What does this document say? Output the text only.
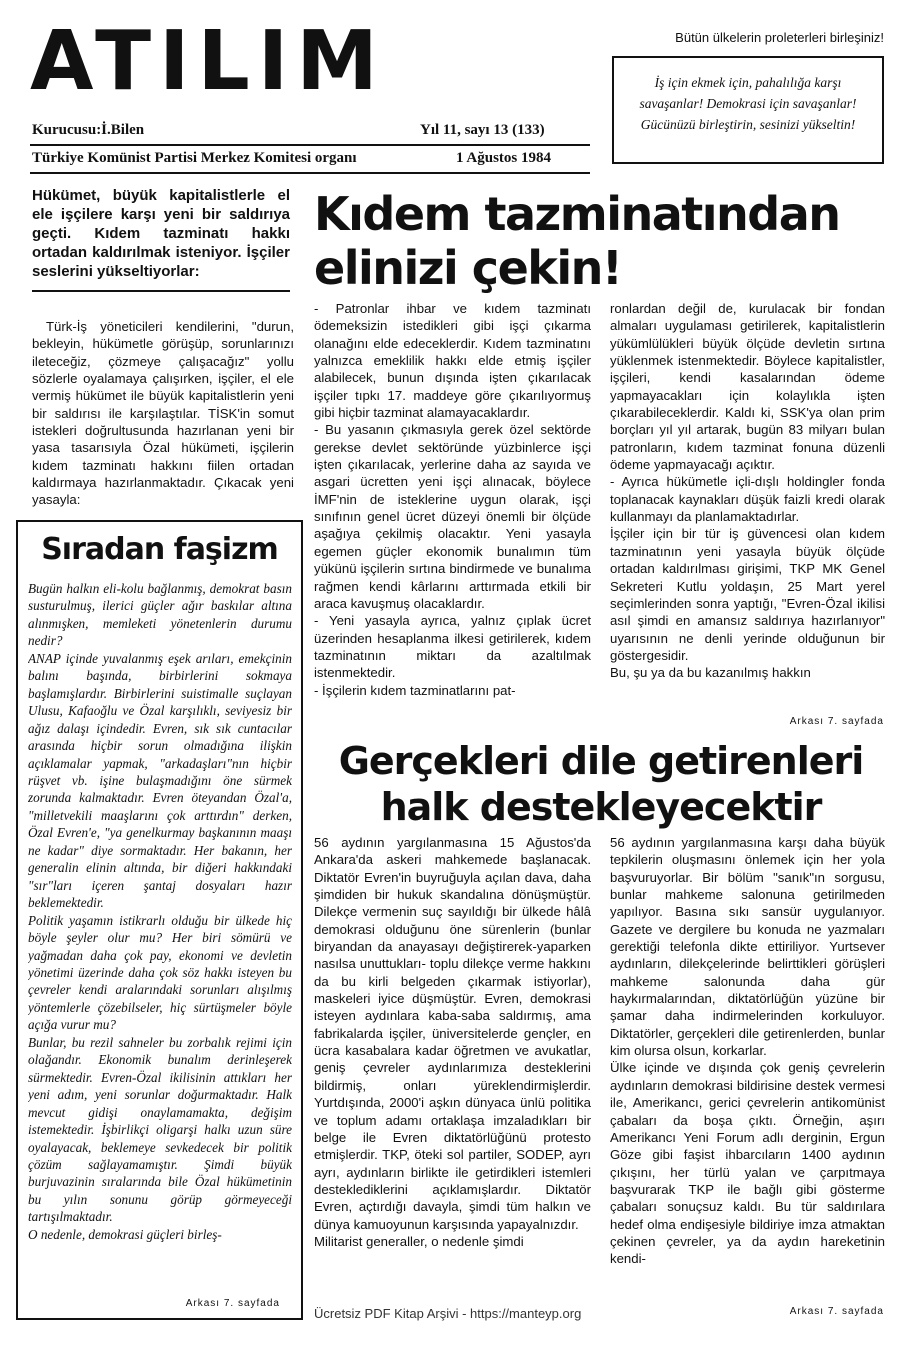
ATILIM	Bütün ülkelerin proleterleri birleşiniz!
İş için ekmek için, pahalılığa karşı savaşanlar! Demokrasi için savaşanlar! Gücünüzü birleştirin, sesinizi yükseltin!
Kurucusu:İ.Bilen	Yıl 11, sayı 13 (133)
Türkiye Komünist Partisi Merkez Komitesi organı	1 Ağustos 1984
Hükümet, büyük kapitalistlerle el ele işçilere karşı yeni bir saldırıya geçti. Kıdem tazminatı hakkı ortadan kaldırılmak isteniyor. İşçiler seslerini yükseltiyorlar:
Kıdem tazminatından
elinizi çekin!
Türk-İş yöneticileri kendilerini, "durun, bekleyin, hükümetle görüşüp, sorunlarınızı ileteceğiz, çözmeye çalışacağız" yollu sözlerle oyalamaya çalışırken, işçiler, el ele vermiş hükümet ile büyük kapitalistlerin yeni bir saldırısı ile karşılaştılar. TİSK'in somut istekleri doğrultusunda hazırlanan yeni bir yasa tasarısıyla Özal hükümeti, işçilerin kıdem tazminatı hakkını fiilen ortadan kaldırmaya hazırlanmaktadır. Çıkacak yeni yasayla:
- Patronlar ihbar ve kıdem tazminatı ödemeksizin istedikleri gibi işçi çıkarma olanağını elde edeceklerdir. Kıdem tazminatını yalnızca emeklilik hakkı elde etmiş işçiler alabilecek, bunun dışında işten çıkarılacak işçiler tıpkı 17. maddeye göre çıkarılıyormuş gibi hiçbir tazminat alamayacaklardır.
- Bu yasanın çıkmasıyla gerek özel sektörde gerekse devlet sektöründe yüzbinlerce işçi işten çıkarılacak, yerlerine daha az sayıda ve asgari ücretten yeni işçi alınacak, böylece İMF'nin de isteklerine uygun olarak, işçi sınıfının genel ücret düzeyi önemli bir ölçüde aşağıya çekilmiş olacaktır. Yeni yasayla egemen güçler ekonomik bunalımın tüm yükünü işçilerin sırtına bindirmede ve bunalıma rağmen kendi kârlarını arttırmada etkili bir araca kavuşmuş olacaklardır.
- Yeni yasayla ayrıca, yalnız çıplak ücret üzerinden hesaplanma ilkesi getirilerek, kıdem tazminatının miktarı da azaltılmak istenmektedir.
- İşçilerin kıdem tazminatlarını pat-
ronlardan değil de, kurulacak bir fondan almaları uygulaması getirilerek, kapitalistlerin yükümlülükleri büyük ölçüde devletin sırtına yüklenmek istenmektedir. Böylece kapitalistler, işçileri, kendi kasalarından ödeme yapmayacakları için kolaylıkla işten çıkarabileceklerdir. Kaldı ki, SSK'ya olan prim borçları yıl yıl artarak, bugün 83 milyarı bulan patronların, kıdem tazminat fonuna düzenli ödeme yapmayacağı açıktır.
- Ayrıca hükümetle içli-dışlı holdingler fonda toplanacak kaynakları düşük faizli kredi olarak kullanmayı da planlamaktadırlar.
İşçiler için bir tür iş güvencesi olan kıdem tazminatının yeni yasayla büyük ölçüde ortadan kaldırılması girişimi, TKP MK Genel Sekreteri Kutlu yoldaşın, 25 Mart yerel seçimlerinden sonra yaptığı, "Evren-Özal ikilisi asıl şimdi en amansız saldırıya hazırlanıyor" uyarısının ne denli yerinde olduğunun bir göstergesidir.
Bu, şu ya da bu kazanılmış hakkın
Arkası 7. sayfada
Sıradan faşizm
Bugün halkın eli-kolu bağlanmış, demokrat basın susturulmuş, ilerici güçler ağır baskılar altına alınmışken, memleketi yönetenlerin durumu nedir?
ANAP içinde yuvalanmış eşek arıları, emekçinin balını başında, birbirlerini sokmaya başlamışlardır. Birbirlerini suistimalle suçlayan Ulusu, Kafaoğlu ve Özal karşılıklı, seviyesiz bir ağız dalaşı içindedir. Evren, sık sık cuntacılar arasında hiçbir sorun olmadığına ilişkin açıklamalar yapmak, "arkadaşları"nın hiçbir rüşvet vb. işine bulaşmadığını öne sürmek zorunda kalmaktadır. Evren öteyandan Özal'a, "milletvekili maaşlarını çok arttırdın" derken, Özal Evren'e, "ya genelkurmay başkanının maaşı ne kadar" diye sormaktadır. Her bakanın, her generalin elinin altında, bir diğeri hakkındaki "sır"ları içeren şantaj dosyaları hazır beklemektedir.
Politik yaşamın istikrarlı olduğu bir ülkede hiç böyle şeyler olur mu? Her biri sömürü ve yağmadan daha çok pay, ekonomi ve devletin yönetimi üzerinde daha çok söz hakkı isteyen bu çevreler kendi aralarındaki sorunları alışılmış yöntemlerle çözebilseler, hiç sürtüşmeler böyle açığa vurur mu?
Bunlar, bu rezil sahneler bu zorbalık rejimi için olağandır. Ekonomik bunalım derinleşerek sürmektedir. Evren-Özal ikilisinin attıkları her yeni adım, yeni sorunlar doğurmaktadır. Halk mevcut gidişi onaylamamakta, değişim istemektedir. İşbirlikçi oligarşi halkı uzun süre oyalayacak, beklemeye sevkedecek bir politik çözüm sağlayamamıştır. Şimdi büyük burjuvazinin sıralarında bile Özal hükümetinin bu yılın sonunu görüp görmeyeceği tartışılmaktadır.
O nedenle, demokrasi güçleri birleş-
Arkası 7. sayfada
Gerçekleri dile getirenleri
halk destekleyecektir
56 aydının yargılanmasına 15 Ağustos'da Ankara'da askeri mahkemede başlanacak. Diktatör Evren'in buyruğuyla açılan dava, daha şimdiden bir hukuk skandalına dönüşmüştür. Dilekçe vermenin suç sayıldığı bir ülkede hâlâ demokrasi olduğunu öne sürenlerin (bunlar biryandan da anayasayı değiştirerek-yaparken nasılsa unuttukları- toplu dilekçe verme hakkını da bu kirli belgeden çıkarmak istiyorlar), maskeleri iyice düşmüştür. Evren, demokrasi isteyen aydınlara kaba-saba saldırmış, ama fabrikalarda işçiler, üniversitelerde gençler, en ücra kasabalara kadar öğretmen ve avukatlar, geniş çevreler aydınlarımıza desteklerini bildirmiş, onları yüreklendirmişlerdir. Yurtdışında, 2000'i aşkın dünyaca ünlü politika ve toplum adamı ortaklaşa imzaladıkları bir belge ile Evren diktatörlüğünü protesto etmişlerdir. TKP, öteki sol partiler, SODEP, ayrı ayrı, aydınların birlikte ile getirdikleri istemleri desteklediklerini açıklamışlardır. Diktatör Evren, açtırdığı davayla, şimdi tüm halkın ve dünya kamuoyunun karşısında yapayalnızdır.
Militarist generaller, o nedenle şimdi
56 aydının yargılanmasına karşı daha büyük tepkilerin oluşmasını önlemek için her yola başvuruyorlar. Bir bölüm "sanık"ın sorgusu, bunlar mahkeme salonuna getirilmeden yapılıyor. Basına sıkı sansür uygulanıyor. Gazete ve dergilere bu konuda ne yazmaları gerektiği telefonla dikte ettiriliyor. Yurtsever aydınların, dilekçelerinde belirttikleri görüşleri mahkeme salonunda daha gür haykırmalarından, diktatörlüğün yüzüne bir şamar daha indirmelerinden korkuluyor. Diktatörler, gerçekleri dile getirenlerden, bunlar kim olursa olsun, korkarlar.
Ülke içinde ve dışında çok geniş çevrelerin aydınların demokrasi bildirisine destek vermesi ile, Amerikancı, gerici çevrelerin antikomünist çabaları da boşa çıktı. Örneğin, aşırı Amerikancı Yeni Forum adlı derginin, Ergun Göze gibi faşist ihbarcıların 1400 aydının çıkışını, her türlü yalan ve çarpıtmaya başvurarak TKP ile bağlı gibi gösterme çabaları sonuçsuz kaldı. Bu tür saldırılara hedef olma endişesiyle bildiriye imza atmaktan çekinen çevreler, ya da aydın hareketinin kendi-
Arkası 7. sayfada
Ücretsiz PDF Kitap Arşivi - https://manteyp.org
